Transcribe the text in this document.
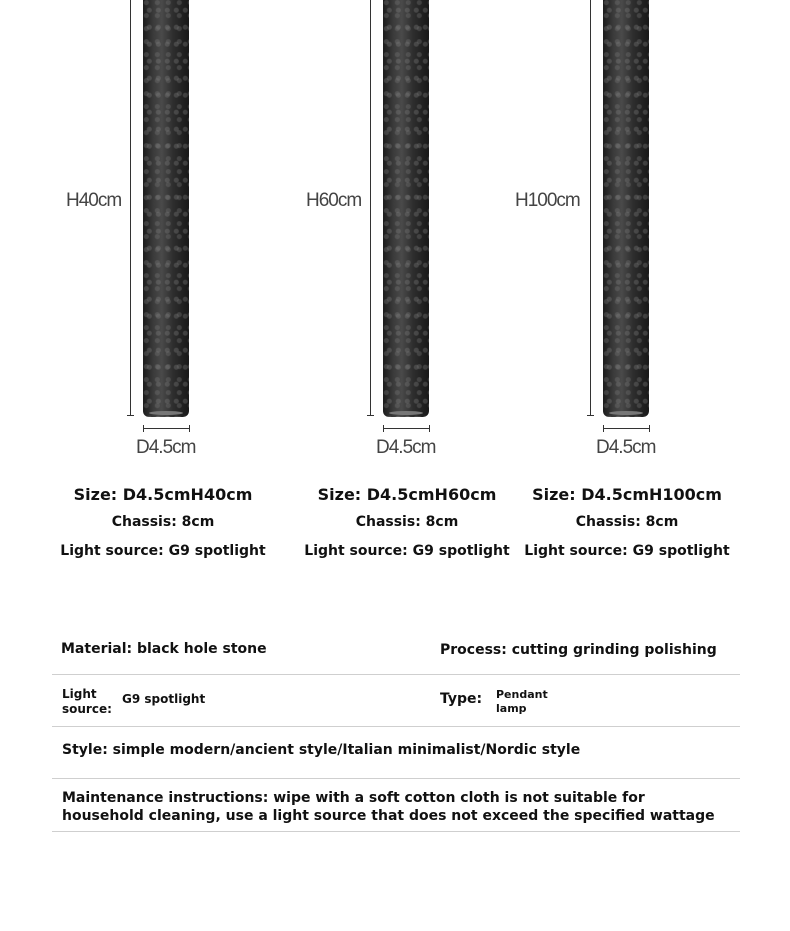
H40cm
D4.5cm
Size: D4.5cmH40cm
Chassis: 8cm
Light source: G9 spotlight
H60cm
D4.5cm
Size: D4.5cmH60cm
Chassis: 8cm
Light source: G9 spotlight
H100cm
D4.5cm
Size: D4.5cmH100cm
Chassis: 8cm
Light source: G9 spotlight
Material: black hole stone	Process: cutting grinding polishing
Light source:
G9 spotlight	Type: Pendant lamp
Style: simple modern/ancient style/Italian minimalist/Nordic style
Maintenance instructions: wipe with a soft cotton cloth is not suitable for household cleaning, use a light source that does not exceed the specified wattage
